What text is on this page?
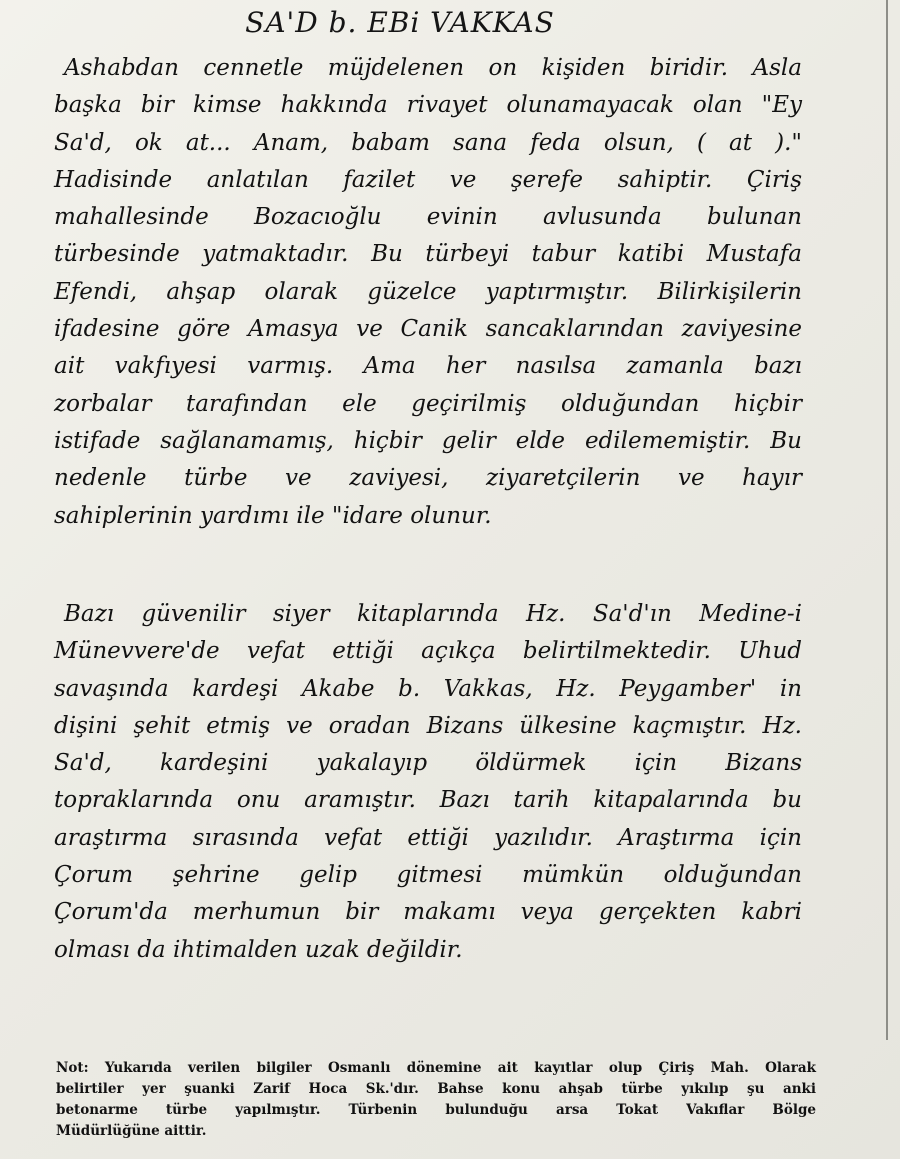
SA'D b. EBi VAKKAS
Ashabdan cennetle müjdelenen on kişiden biridir. Asla
başka bir kimse hakkında rivayet olunamayacak olan "Ey
Sa'd, ok at... Anam, babam sana feda olsun, ( at )."
Hadisinde anlatılan fazilet ve şerefe sahiptir. Çiriş
mahallesinde Bozacıoğlu evinin avlusunda bulunan
türbesinde yatmaktadır. Bu türbeyi tabur katibi Mustafa
Efendi, ahşap olarak güzelce yaptırmıştır. Bilirkişilerin
ifadesine göre Amasya ve Canik sancaklarından zaviyesine
ait vakfıyesi varmış. Ama her nasılsa zamanla bazı
zorbalar tarafından ele geçirilmiş olduğundan hiçbir
istifade sağlanamamış, hiçbir gelir elde edilememiştir. Bu
nedenle türbe ve zaviyesi, ziyaretçilerin ve hayır
sahiplerinin yardımı ile "idare olunur.
Bazı güvenilir siyer kitaplarında Hz. Sa'd'ın Medine-i
Münevvere'de vefat ettiği açıkça belirtilmektedir. Uhud
savaşında kardeşi Akabe b. Vakkas, Hz. Peygamber' in
dişini şehit etmiş ve oradan Bizans ülkesine kaçmıştır. Hz.
Sa'd, kardeşini yakalayıp öldürmek için Bizans
topraklarında onu aramıştır. Bazı tarih kitapalarında bu
araştırma sırasında vefat ettiği yazılıdır. Araştırma için
Çorum şehrine gelip gitmesi mümkün olduğundan
Çorum'da merhumun bir makamı veya gerçekten kabri
olması da ihtimalden uzak değildir.
Not: Yukarıda verilen bilgiler Osmanlı dönemine ait kayıtlar olup Çiriş Mah. Olarak
belirtiler yer şuanki Zarif Hoca Sk.'dır. Bahse konu ahşab türbe yıkılıp şu anki
betonarme türbe yapılmıştır. Türbenin bulunduğu arsa Tokat Vakıflar Bölge
Müdürlüğüne aittir.
